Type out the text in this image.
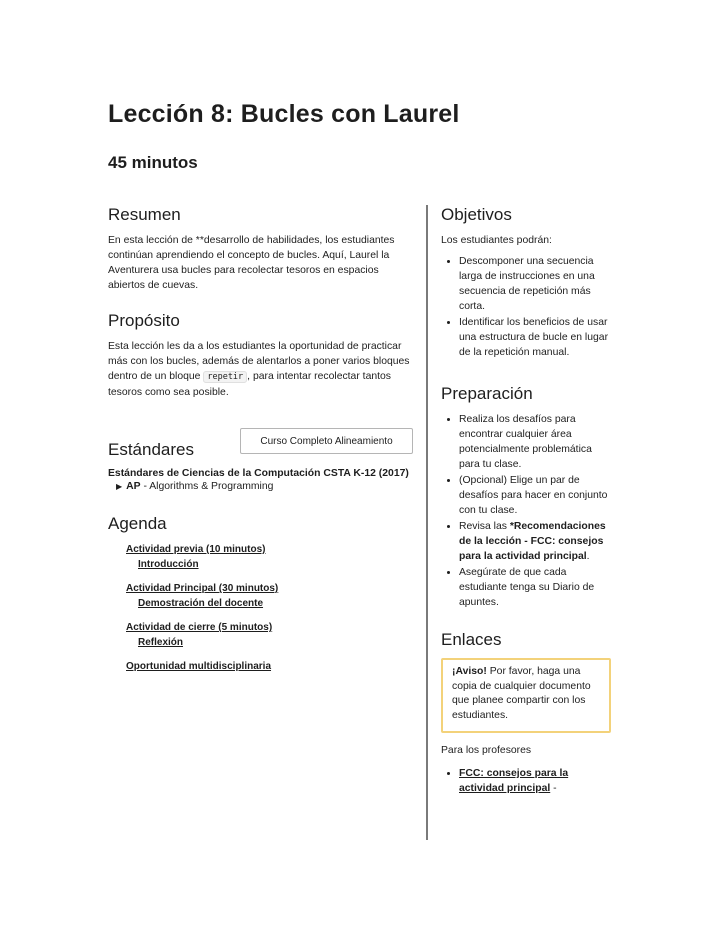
Lección 8: Bucles con Laurel
45 minutos
Resumen

En esta lección de **desarrollo de habilidades, los estudiantes continúan aprendiendo el concepto de bucles. Aquí, Laurel la Aventurera usa bucles para recolectar tesoros en espacios abiertos de cuevas.

Propósito

Esta lección les da a los estudiantes la oportunidad de practicar más con los bucles, además de alentarlos a poner varios bloques dentro de un bloque repetir , para intentar recolectar tantos tesoros como sea posible.

Estándares	Curso Completo Alineamiento
Estándares de Ciencias de la Computación CSTA K-12 (2017)
▶ AP - Algorithms & Programming
Agenda
Actividad previa (10 minutos)
Introducción
Actividad Principal (30 minutos)
Demostración del docente
Actividad de cierre (5 minutos)
Reflexión
Oportunidad multidisciplinaria
Objetivos

Los estudiantes podrán:

• Descomponer una secuencia larga de instrucciones en una secuencia de repetición más corta.
• Identificar los beneficios de usar una estructura de bucle en lugar de la repetición manual.
Preparación
• Realiza los desafíos para encontrar cualquier área potencialmente problemática para tu clase.
• (Opcional) Elige un par de desafíos para hacer en conjunto con tu clase.
• Revisa las *Recomendaciones de la lección - FCC: consejos para la actividad principal.
• Asegúrate de que cada estudiante tenga su Diario de apuntes.
Enlaces

¡Aviso! Por favor, haga una copia de cualquier documento que planee compartir con los estudiantes.

Para los profesores

• FCC: consejos para la actividad principal -
